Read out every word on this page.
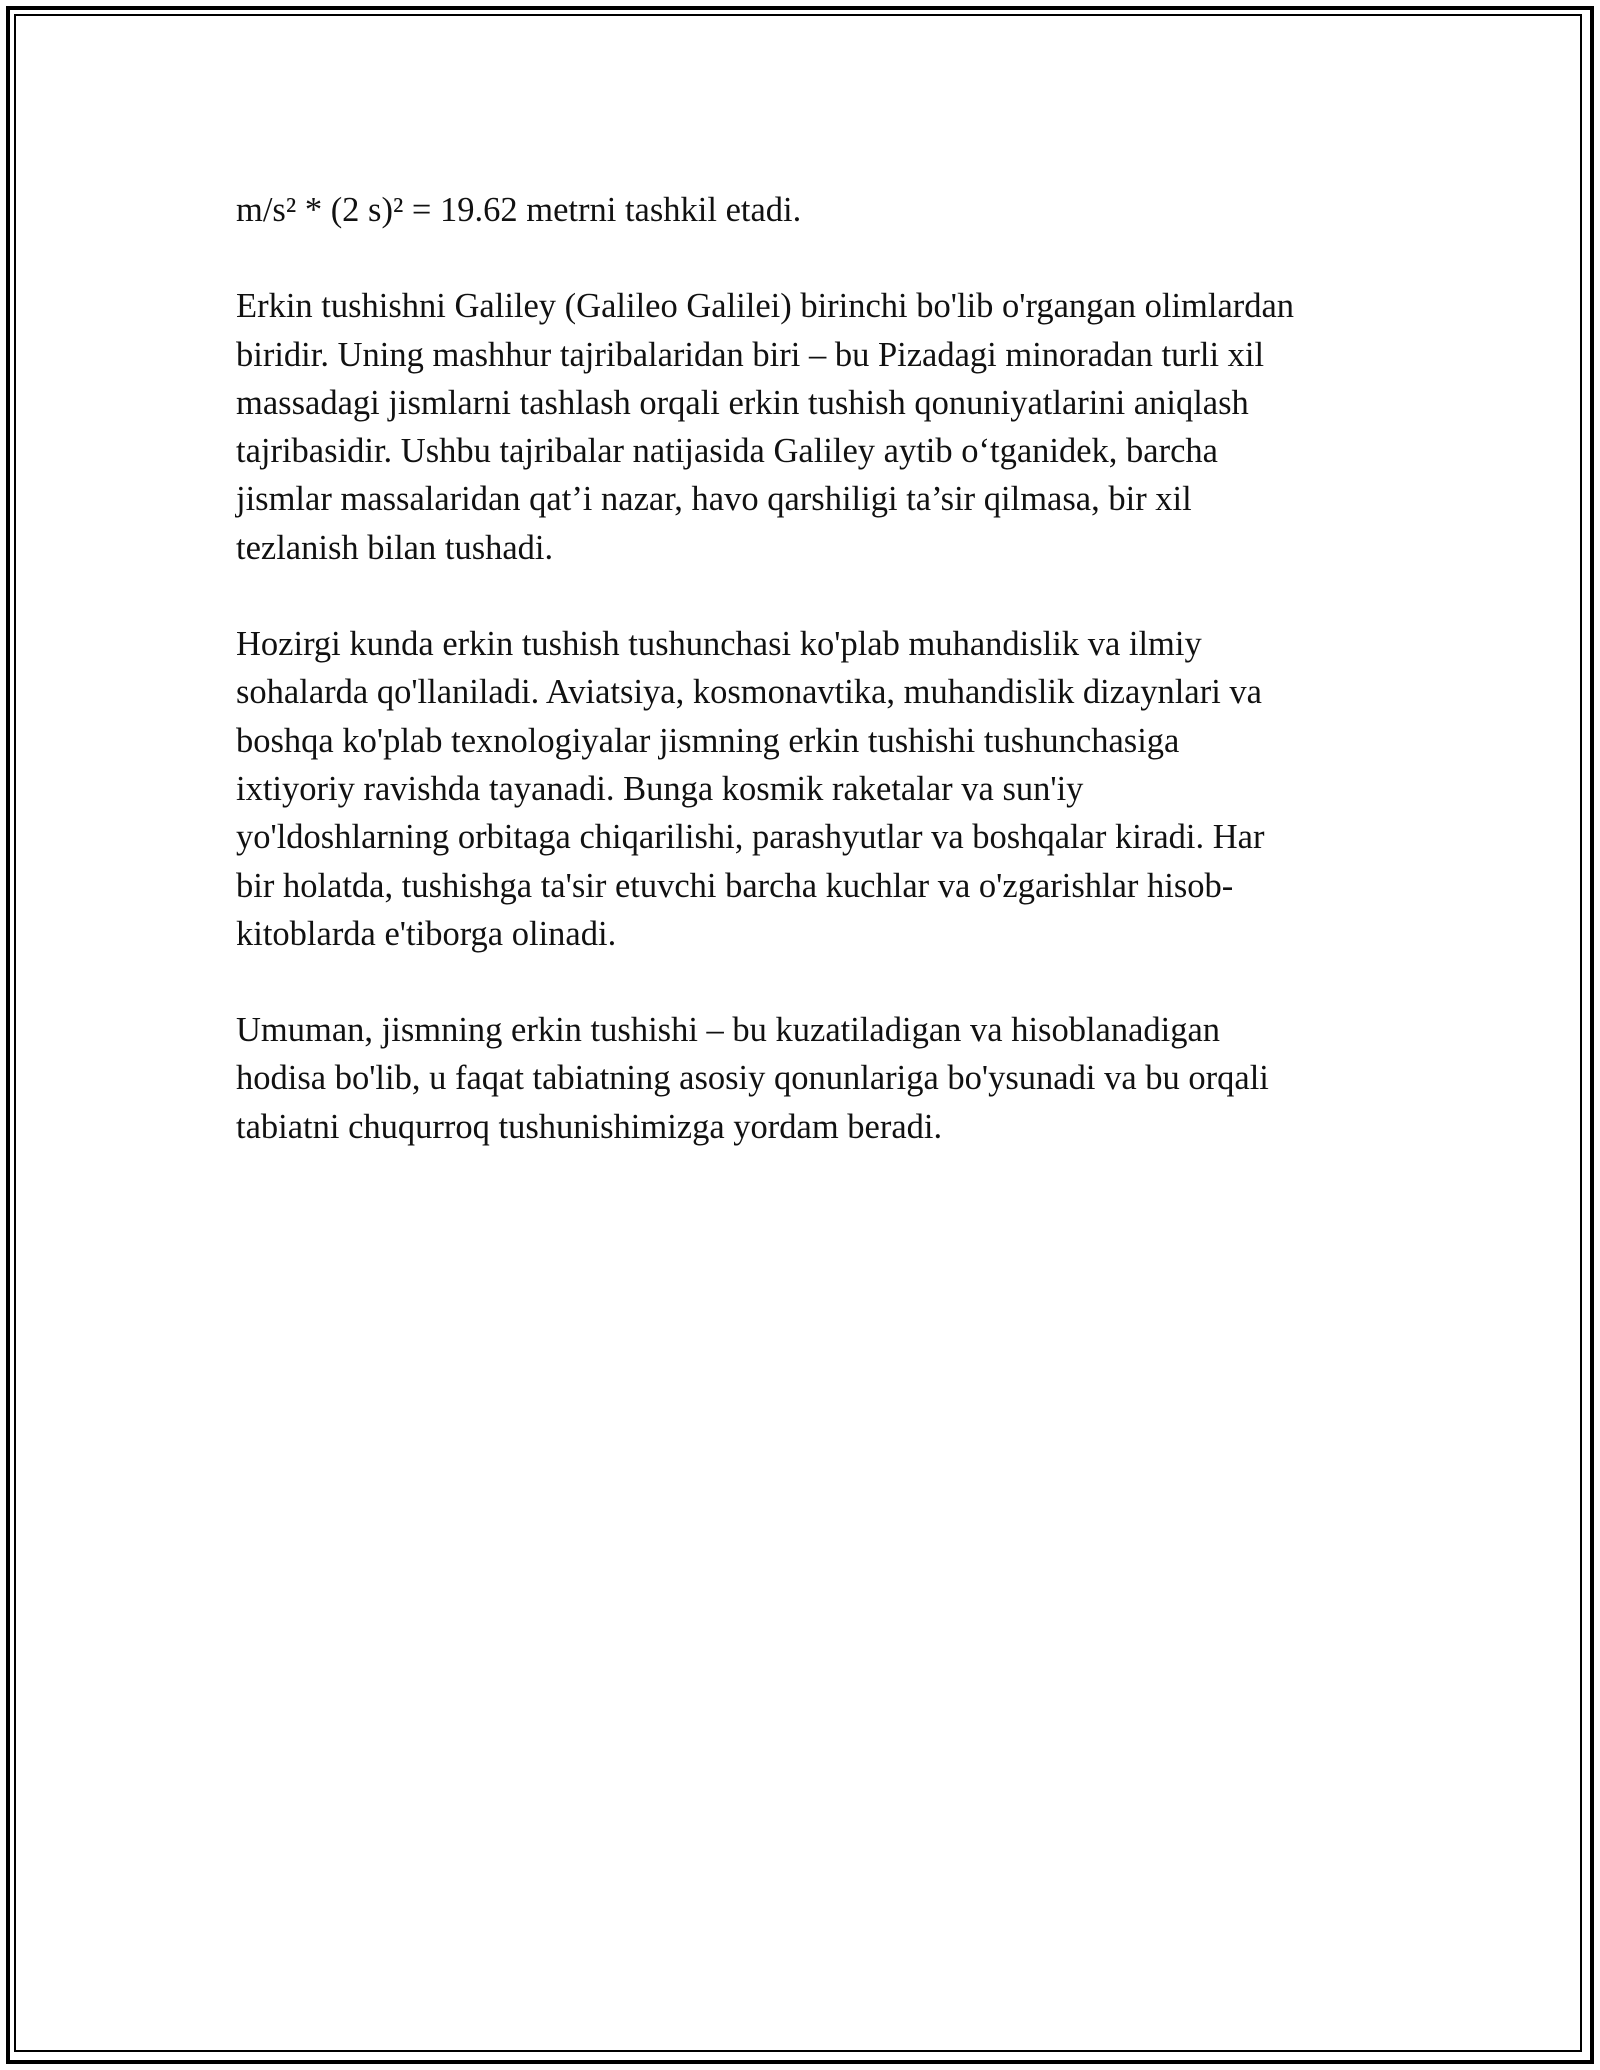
m/s² * (2 s)² = 19.62 metrni tashkil etadi.

Erkin tushishni Galiley (Galileo Galilei) birinchi bo'lib o'rgangan olimlardan
biridir. Uning mashhur tajribalaridan biri – bu Pizadagi minoradan turli xil
massadagi jismlarni tashlash orqali erkin tushish qonuniyatlarini aniqlash
tajribasidir. Ushbu tajribalar natijasida Galiley aytib o‘tganidek, barcha
jismlar massalaridan qat’i nazar, havo qarshiligi ta’sir qilmasa, bir xil
tezlanish bilan tushadi.

Hozirgi kunda erkin tushish tushunchasi ko'plab muhandislik va ilmiy
sohalarda qo'llaniladi. Aviatsiya, kosmonavtika, muhandislik dizaynlari va
boshqa ko'plab texnologiyalar jismning erkin tushishi tushunchasiga
ixtiyoriy ravishda tayanadi. Bunga kosmik raketalar va sun'iy
yo'ldoshlarning orbitaga chiqarilishi, parashyutlar va boshqalar kiradi. Har
bir holatda, tushishga ta'sir etuvchi barcha kuchlar va o'zgarishlar hisob-
kitoblarda e'tiborga olinadi.

Umuman, jismning erkin tushishi – bu kuzatiladigan va hisoblanadigan
hodisa bo'lib, u faqat tabiatning asosiy qonunlariga bo'ysunadi va bu orqali
tabiatni chuqurroq tushunishimizga yordam beradi.
